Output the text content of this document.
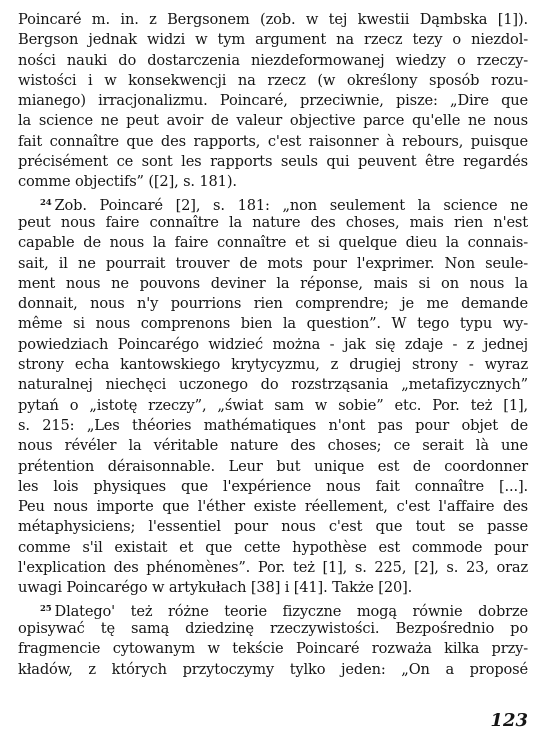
Poincaré m. in. z Bergsonem (zob. w tej kwestii Dąmbska [1]).
Bergson jednak widzi w tym argument na rzecz tezy o niezdol-
ności nauki do dostarczenia niezdeformowanej wiedzy o rzeczy-
wistości i w konsekwencji na rzecz (w określony sposób rozu-
mianego) irracjonalizmu. Poincaré, przeciwnie, pisze: „Dire que
la science ne peut avoir de valeur objective parce qu'elle ne nous
fait connaître que des rapports, c'est raisonner à rebours, puisque
précisément ce sont les rapports seuls qui peuvent être regardés
comme objectifs” ([2], s. 181).
$^{24}$ Zob. Poincaré [2], s. 181: „non seulement la science ne
peut nous faire connaître la nature des choses, mais rien n'est
capable de nous la faire connaître et si quelque dieu la connais-
sait, il ne pourrait trouver de mots pour l'exprimer. Non seule-
ment nous ne pouvons deviner la réponse, mais si on nous la
donnait, nous n'y pourrions rien comprendre; je me demande
même si nous comprenons bien la question”. W tego typu wy-
powiedziach Poincarégo widzieć można - jak się zdaje - z jednej
strony echa kantowskiego krytycyzmu, z drugiej strony - wyraz
naturalnej niechęci uczonego do rozstrząsania „metafizycznych”
pytań o „istotę rzeczy”, „świat sam w sobie” etc. Por. też [1],
s. 215: „Les théories mathématiques n'ont pas pour objet de
nous révéler la véritable nature des choses; ce serait là une
prétention déraisonnable. Leur but unique est de coordonner
les lois physiques que l'expérience nous fait connaître [...].
Peu nous importe que l'éther existe réellement, c'est l'affaire des
métaphysiciens; l'essentiel pour nous c'est que tout se passe
comme s'il existait et que cette hypothèse est commode pour
l'explication des phénomènes”. Por. też [1], s. 225, [2], s. 23, oraz
uwagi Poincarégo w artykułach [38] i [41]. Także [20].
$^{25}$ Dlatego' też różne teorie fizyczne mogą równie dobrze
opisywać tę samą dziedzinę rzeczywistości. Bezpośrednio po
fragmencie cytowanym w tekście Poincaré rozważa kilka przy-
kładów, z których przytoczymy tylko jeden: „On a proposé
123
